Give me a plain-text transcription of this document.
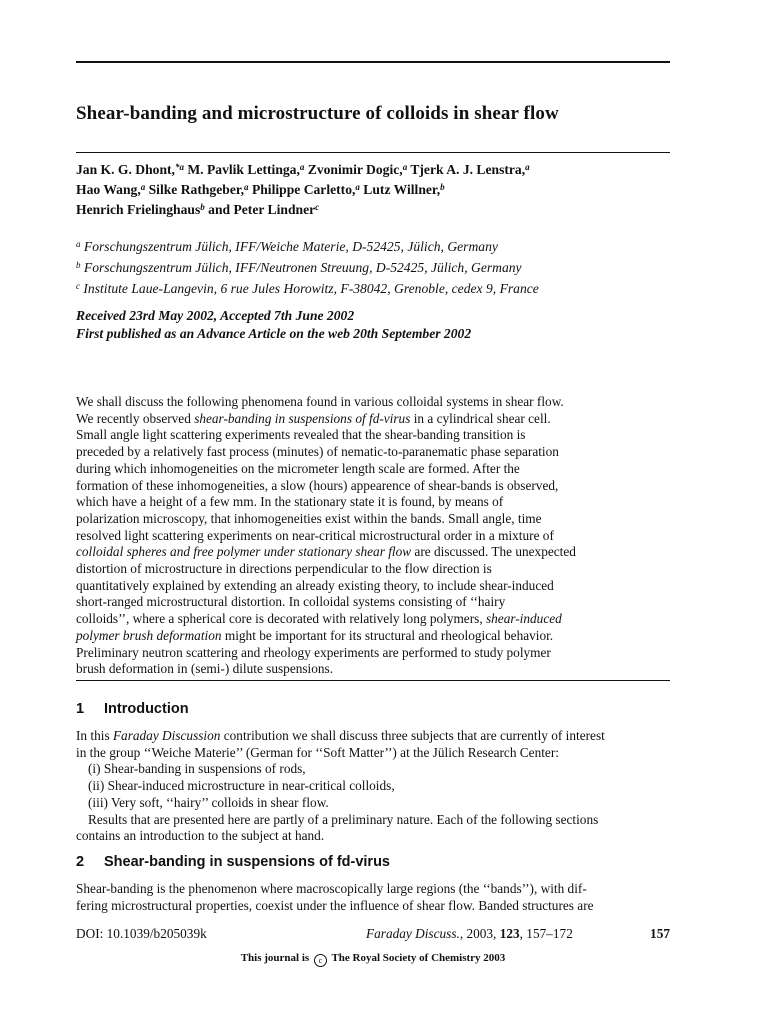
Shear-banding and microstructure of colloids in shear flow
Jan K. G. Dhont,$^{*a}$ M. Pavlik Lettinga,$^a$ Zvonimir Dogic,$^a$ Tjerk A. J. Lenstra,$^a$
Hao Wang,$^a$ Silke Rathgeber,$^a$ Philippe Carletto,$^a$ Lutz Willner,$^b$
Henrich Frielinghaus$^b$ and Peter Lindner$^c$
$^a$ Forschungszentrum Jülich, IFF/Weiche Materie, D-52425, Jülich, Germany
$^b$ Forschungszentrum Jülich, IFF/Neutronen Streuung, D-52425, Jülich, Germany
$^c$ Institute Laue-Langevin, 6 rue Jules Horowitz, F-38042, Grenoble, cedex 9, France
Received 23rd May 2002, Accepted 7th June 2002
First published as an Advance Article on the web 20th September 2002
We shall discuss the following phenomena found in various colloidal systems in shear flow.
We recently observed shear-banding in suspensions of fd-virus in a cylindrical shear cell.
Small angle light scattering experiments revealed that the shear-banding transition is
preceded by a relatively fast process (minutes) of nematic-to-paranematic phase separation
during which inhomogeneities on the micrometer length scale are formed. After the
formation of these inhomogeneities, a slow (hours) appearence of shear-bands is observed,
which have a height of a few mm. In the stationary state it is found, by means of
polarization microscopy, that inhomogeneities exist within the bands. Small angle, time
resolved light scattering experiments on near-critical microstructural order in a mixture of
colloidal spheres and free polymer under stationary shear flow are discussed. The unexpected
distortion of microstructure in directions perpendicular to the flow direction is
quantitatively explained by extending an already existing theory, to include shear-induced
short-ranged microstructural distortion. In colloidal systems consisting of ‘‘hairy
colloids’’, where a spherical core is decorated with relatively long polymers, shear-induced
polymer brush deformation might be important for its structural and rheological behavior.
Preliminary neutron scattering and rheology experiments are performed to study polymer
brush deformation in (semi-) dilute suspensions.
1 Introduction
In this Faraday Discussion contribution we shall discuss three subjects that are currently of interest
in the group ‘‘Weiche Materie’’ (German for ‘‘Soft Matter’’) at the Jülich Research Center:
(i) Shear-banding in suspensions of rods,
(ii) Shear-induced microstructure in near-critical colloids,
(iii) Very soft, ‘‘hairy’’ colloids in shear flow.
Results that are presented here are partly of a preliminary nature. Each of the following sections
contains an introduction to the subject at hand.
2 Shear-banding in suspensions of fd-virus
Shear-banding is the phenomenon where macroscopically large regions (the ‘‘bands’’), with dif-
fering microstructural properties, coexist under the influence of shear flow. Banded structures are
DOI: 10.1039/b205039k	Faraday Discuss., 2003, 123, 157–172	157
This journal is c The Royal Society of Chemistry 2003
